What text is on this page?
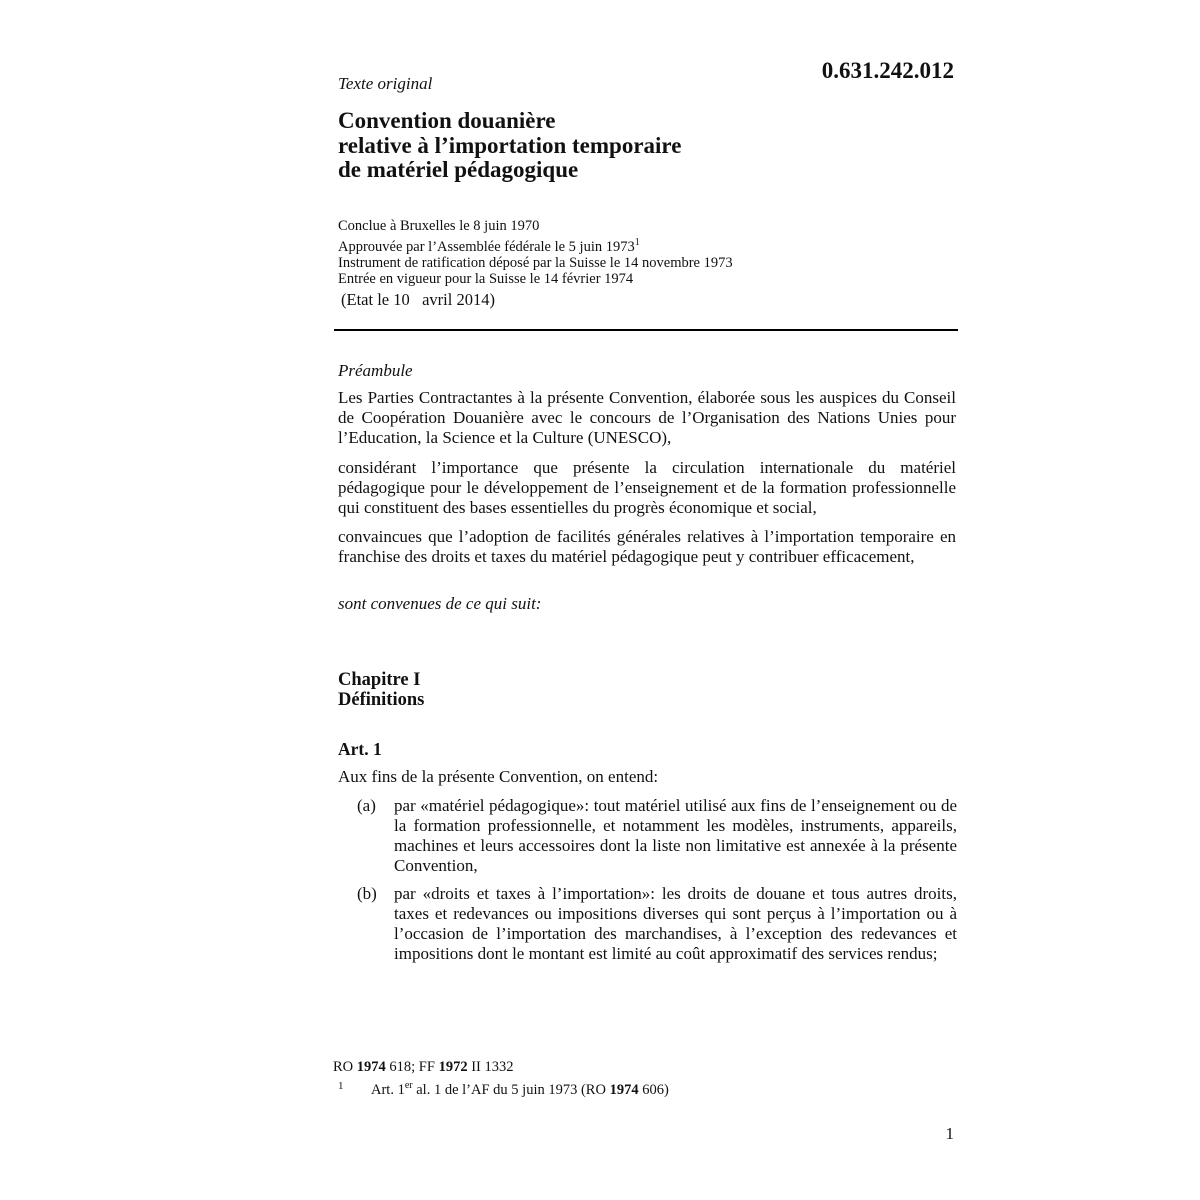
0.631.242.012
Texte original
Convention douanière
relative à l’importation temporaire
de matériel pédagogique
Conclue à Bruxelles le 8 juin 1970
Approuvée par l’Assemblée fédérale le 5 juin 1973$^1$
Instrument de ratification déposé par la Suisse le 14 novembre 1973
Entrée en vigueur pour la Suisse le 14 février 1974
(Etat le 10   avril 2014)
Préambule
Les Parties Contractantes à la présente Convention, élaborée sous les auspices du Conseil de Coopération Douanière avec le concours de l’Organisation des Nations Unies pour l’Education, la Science et la Culture (UNESCO),
considérant l’importance que présente la circulation internationale du matériel pédagogique pour le développement de l’enseignement et de la formation professionnelle qui constituent des bases essentielles du progrès économique et social,
convaincues que l’adoption de facilités générales relatives à l’importation temporaire en franchise des droits et taxes du matériel pédagogique peut y contribuer efficacement,
sont convenues de ce qui suit:
Chapitre I
Définitions
Art. 1
Aux fins de la présente Convention, on entend:
(a) par «matériel pédagogique»: tout matériel utilisé aux fins de l’enseignement ou de la formation professionnelle, et notamment les modèles, instruments, appareils, machines et leurs accessoires dont la liste non limitative est annexée à la présente Convention,
(b) par «droits et taxes à l’importation»: les droits de douane et tous autres droits, taxes et redevances ou impositions diverses qui sont perçus à l’importation ou à l’occasion de l’importation des marchandises, à l’exception des redevances et impositions dont le montant est limité au coût approximatif des services rendus;
RO 1974 618; FF 1972 II 1332
1 Art. 1er al. 1 de l’AF du 5 juin 1973 (RO 1974 606)
1
